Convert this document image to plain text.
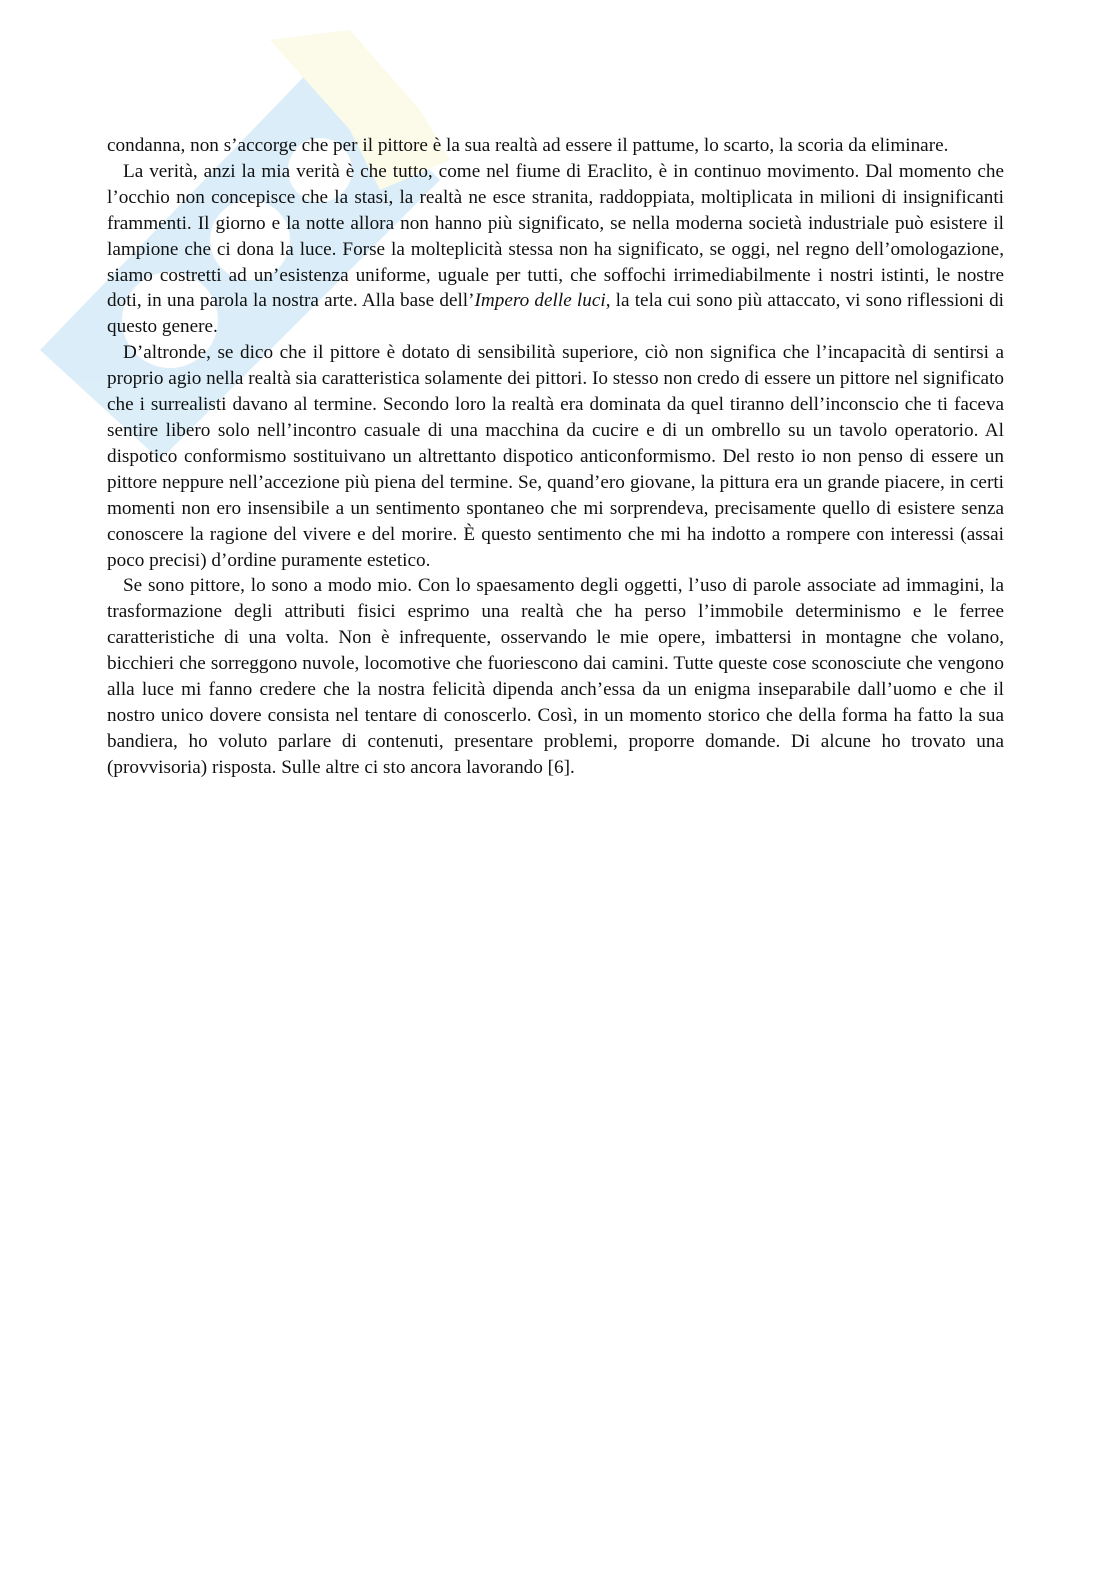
condanna, non s’accorge che per il pittore è la sua realtà ad essere il pattume, lo scarto, la scoria da eliminare.

La verità, anzi la mia verità è che tutto, come nel fiume di Eraclito, è in continuo movimento. Dal momento che l’occhio non concepisce che la stasi, la realtà ne esce stranita, raddoppiata, moltiplicata in milioni di insignificanti frammenti. Il giorno e la notte allora non hanno più significato, se nella moderna società industriale può esistere il lampione che ci dona la luce. Forse la molteplicità stessa non ha significato, se oggi, nel regno dell’omologazione, siamo costretti ad un’esistenza uniforme, uguale per tutti, che soffochi irrimediabilmente i nostri istinti, le nostre doti, in una parola la nostra arte. Alla base dell’Impero delle luci, la tela cui sono più attaccato, vi sono riflessioni di questo genere.

D’altronde, se dico che il pittore è dotato di sensibilità superiore, ciò non significa che l’incapacità di sentirsi a proprio agio nella realtà sia caratteristica solamente dei pittori. Io stesso non credo di essere un pittore nel significato che i surrealisti davano al termine. Secondo loro la realtà era dominata da quel tiranno dell’inconscio che ti faceva sentire libero solo nell’incontro casuale di una macchina da cucire e di un ombrello su un tavolo operatorio. Al dispotico conformismo sostituivano un altrettanto dispotico anticonformismo. Del resto io non penso di essere un pittore neppure nell’accezione più piena del termine. Se, quand’ero giovane, la pittura era un grande piacere, in certi momenti non ero insensibile a un sentimento spontaneo che mi sorprendeva, precisamente quello di esistere senza conoscere la ragione del vivere e del morire. È questo sentimento che mi ha indotto a rompere con interessi (assai poco precisi) d’ordine puramente estetico.

Se sono pittore, lo sono a modo mio. Con lo spaesamento degli oggetti, l’uso di parole associate ad immagini, la trasformazione degli attributi fisici esprimo una realtà che ha perso l’immobile determinismo e le ferree caratteristiche di una volta. Non è infrequente, osservando le mie opere, imbattersi in montagne che volano, bicchieri che sorreggono nuvole, locomotive che fuoriescono dai camini. Tutte queste cose sconosciute che vengono alla luce mi fanno credere che la nostra felicità dipenda anch’essa da un enigma inseparabile dall’uomo e che il nostro unico dovere consista nel tentare di conoscerlo. Così, in un momento storico che della forma ha fatto la sua bandiera, ho voluto parlare di contenuti, presentare problemi, proporre domande. Di alcune ho trovato una (provvisoria) risposta. Sulle altre ci sto ancora lavorando [6].
